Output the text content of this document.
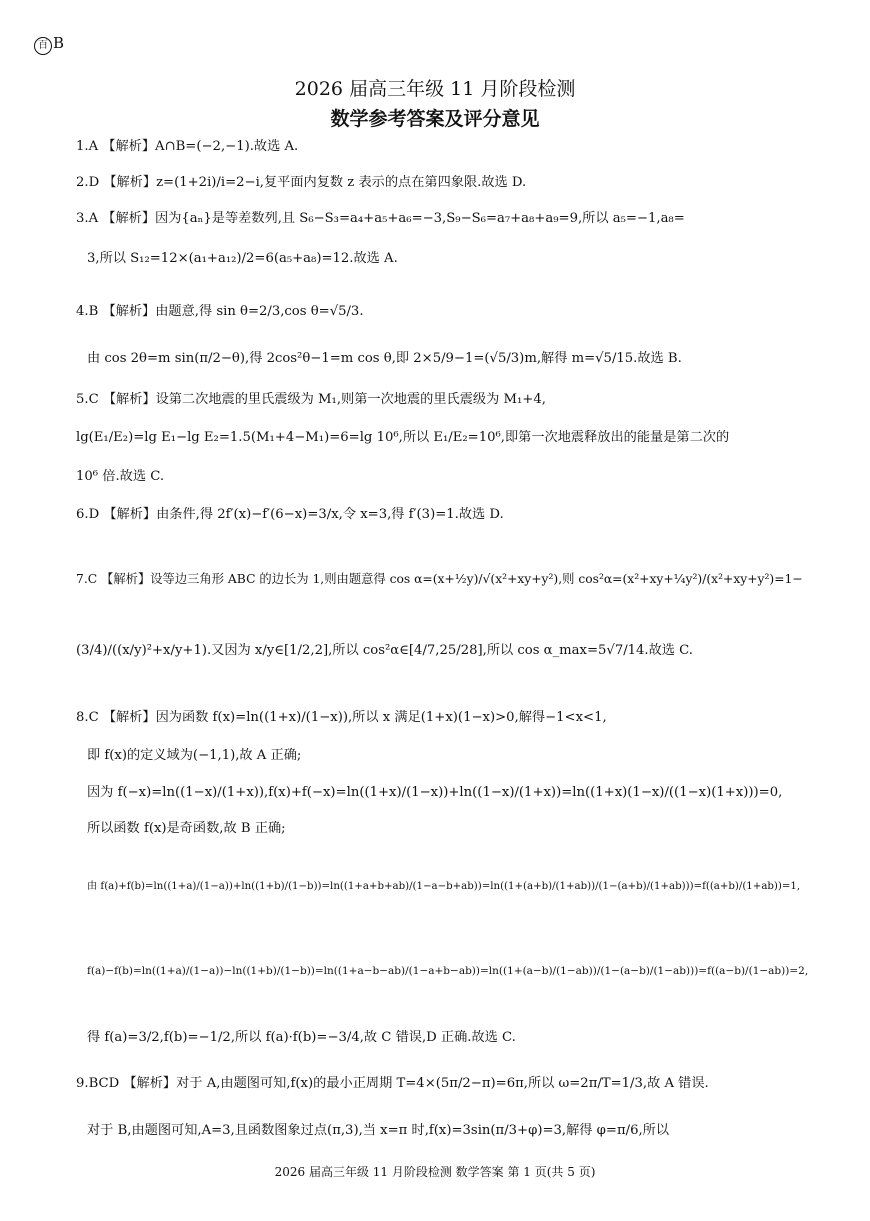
百 B
2026 届高三年级 11 月阶段检测
数学参考答案及评分意见
1.A 【解析】A∩B=(−2,−1).故选 A.
2.D 【解析】z=(1+2i)/i=2−i,复平面内复数 z 表示的点在第四象限.故选 D.
3.A 【解析】因为{aₙ}是等差数列,且 S₆−S₃=a₄+a₅+a₆=−3,S₉−S₆=a₇+a₈+a₉=9,所以 a₅=−1,a₈=
3,所以 S₁₂=12×(a₁+a₁₂)/2=6(a₅+a₈)=12.故选 A.
4.B 【解析】由题意,得 sin θ=2/3,cos θ=√5/3.
由 cos 2θ=m sin(π/2−θ),得 2cos²θ−1=m cos θ,即 2×5/9−1=(√5/3)m,解得 m=√5/15.故选 B.
5.C 【解析】设第二次地震的里氏震级为 M₁,则第一次地震的里氏震级为 M₁+4,
lg(E₁/E₂)=lg E₁−lg E₂=1.5(M₁+4−M₁)=6=lg 10⁶,所以 E₁/E₂=10⁶,即第一次地震释放出的能量是第二次的
10⁶ 倍.故选 C.
6.D 【解析】由条件,得 2f′(x)−f′(6−x)=3/x,令 x=3,得 f′(3)=1.故选 D.
7.C 【解析】设等边三角形 ABC 的边长为 1,则由题意得 cos α=(x+½y)/√(x²+xy+y²),则 cos²α=(x²+xy+¼y²)/(x²+xy+y²)=1−
(3/4)/((x/y)²+x/y+1).又因为 x/y∈[1/2,2],所以 cos²α∈[4/7,25/28],所以 cos α_max=5√7/14.故选 C.
8.C 【解析】因为函数 f(x)=ln((1+x)/(1−x)),所以 x 满足(1+x)(1−x)>0,解得−1<x<1,
即 f(x)的定义域为(−1,1),故 A 正确;
因为 f(−x)=ln((1−x)/(1+x)),f(x)+f(−x)=ln((1+x)/(1−x))+ln((1−x)/(1+x))=ln((1+x)(1−x)/((1−x)(1+x)))=0,
所以函数 f(x)是奇函数,故 B 正确;
由 f(a)+f(b)=ln((1+a)/(1−a))+ln((1+b)/(1−b))=ln((1+a+b+ab)/(1−a−b+ab))=ln((1+(a+b)/(1+ab))/(1−(a+b)/(1+ab)))=f((a+b)/(1+ab))=1,
f(a)−f(b)=ln((1+a)/(1−a))−ln((1+b)/(1−b))=ln((1+a−b−ab)/(1−a+b−ab))=ln((1+(a−b)/(1−ab))/(1−(a−b)/(1−ab)))=f((a−b)/(1−ab))=2,
得 f(a)=3/2,f(b)=−1/2,所以 f(a)·f(b)=−3/4,故 C 错误,D 正确.故选 C.
9.BCD 【解析】对于 A,由题图可知,f(x)的最小正周期 T=4×(5π/2−π)=6π,所以 ω=2π/T=1/3,故 A 错误.
对于 B,由题图可知,A=3,且函数图象过点(π,3),当 x=π 时,f(x)=3sin(π/3+φ)=3,解得 φ=π/6,所以
2026 届高三年级 11 月阶段检测 数学答案 第 1 页(共 5 页)
